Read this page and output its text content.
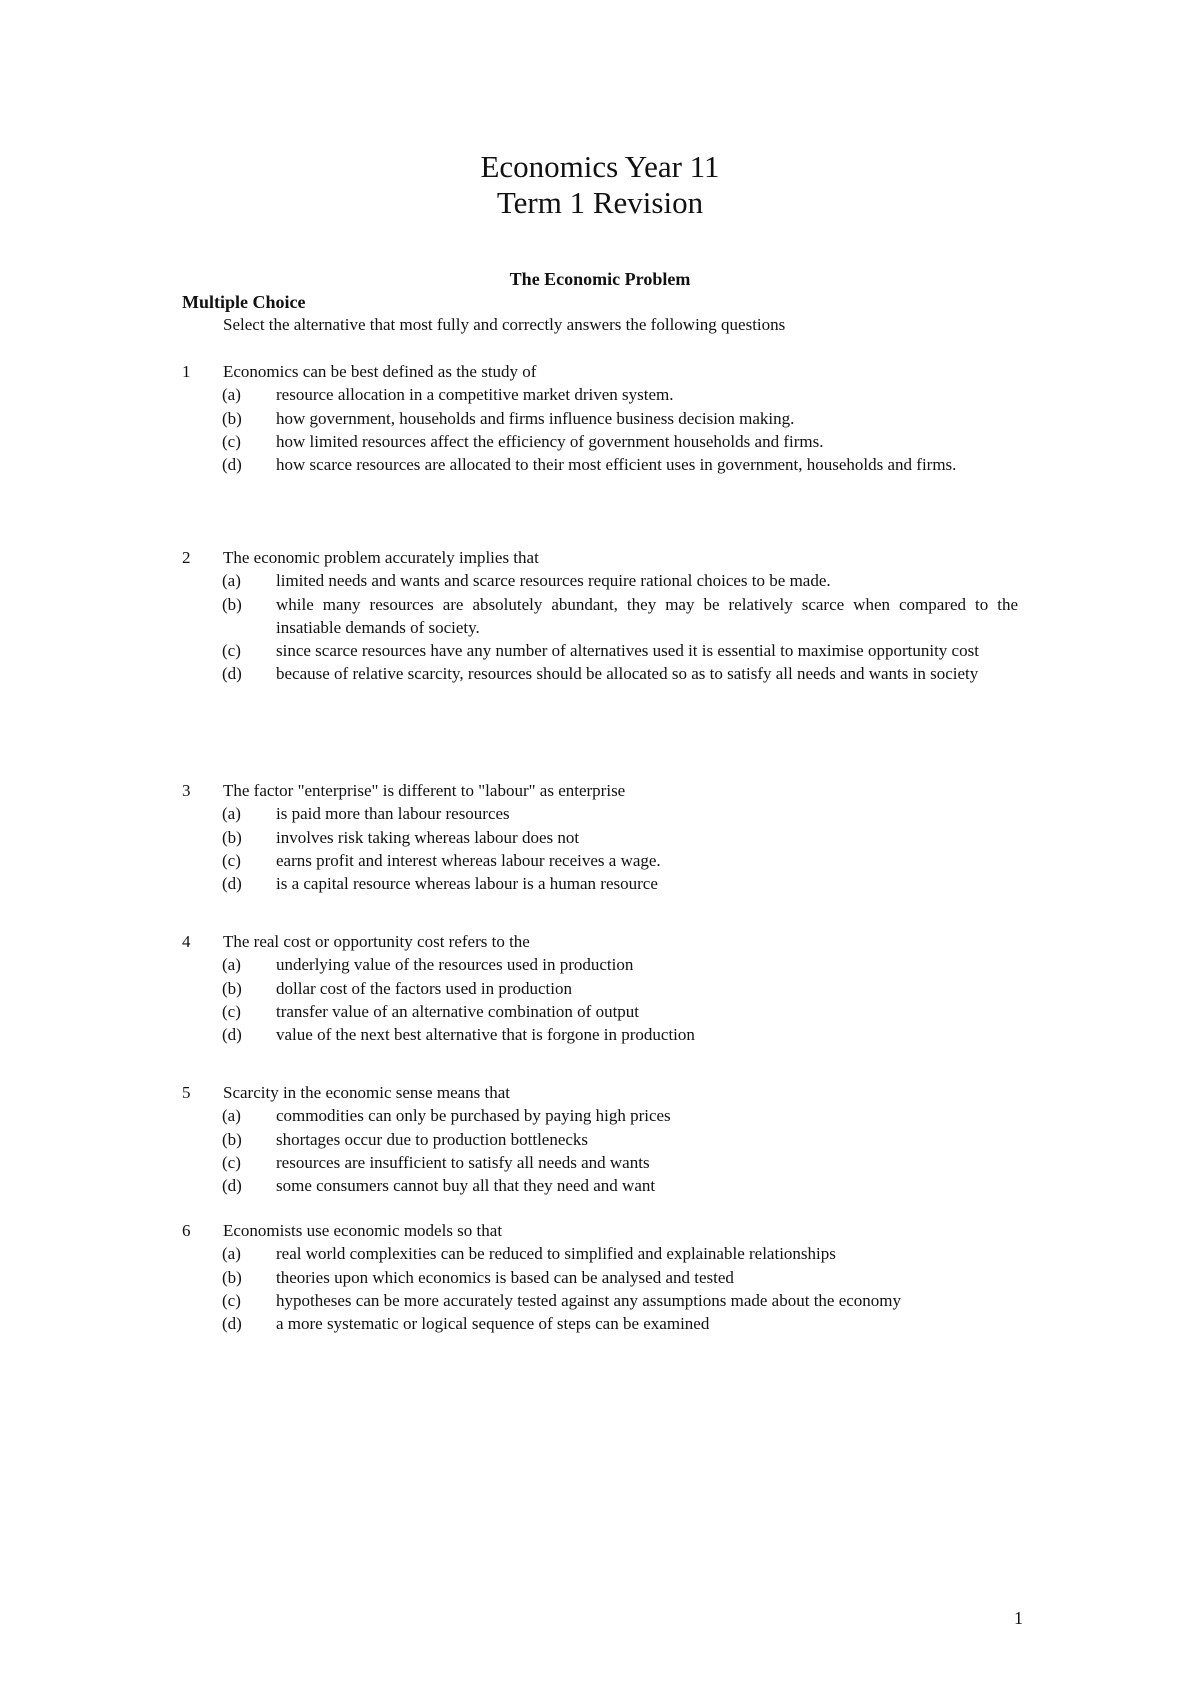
Economics Year 11
Term 1 Revision
The Economic Problem
Multiple Choice
Select the alternative that most fully and correctly answers the following questions
1 Economics can be best defined as the study of
(a)	resource allocation in a competitive market driven system.
(b)	how government, households and firms influence business decision making.
(c)	how limited resources affect the efficiency of government households and firms.
(d)	how scarce resources are allocated to their most efficient uses in government, households and firms.
2 The economic problem accurately implies that
(a)	limited needs and wants and scarce resources require rational choices to be made.
(b)	while many resources are absolutely abundant, they may be relatively scarce when compared to the insatiable demands of society.
(c)	since scarce resources have any number of alternatives used it is essential to maximise opportunity cost
(d)	because of relative scarcity, resources should be allocated so as to satisfy all needs and wants in society
3 The factor "enterprise" is different to "labour" as enterprise
(a)	is paid more than labour resources
(b)	involves risk taking whereas labour does not
(c)	earns profit and interest whereas labour receives a wage.
(d)	is a capital resource whereas labour is a human resource
4 The real cost or opportunity cost refers to the
(a)	underlying value of the resources used in production
(b)	dollar cost of the factors used in production
(c)	transfer value of an alternative combination of output
(d)	value of the next best alternative that is forgone in production
5 Scarcity in the economic sense means that
(a)	commodities can only be purchased by paying high prices
(b)	shortages occur due to production bottlenecks
(c)	resources are insufficient to satisfy all needs and wants
(d)	some consumers cannot buy all that they need and want
6 Economists use economic models so that
(a)	real world complexities can be reduced to simplified and explainable relationships
(b)	theories upon which economics is based can be analysed and tested
(c)	hypotheses can be more accurately tested against any assumptions made about the economy
(d)	a more systematic or logical sequence of steps can be examined
1
